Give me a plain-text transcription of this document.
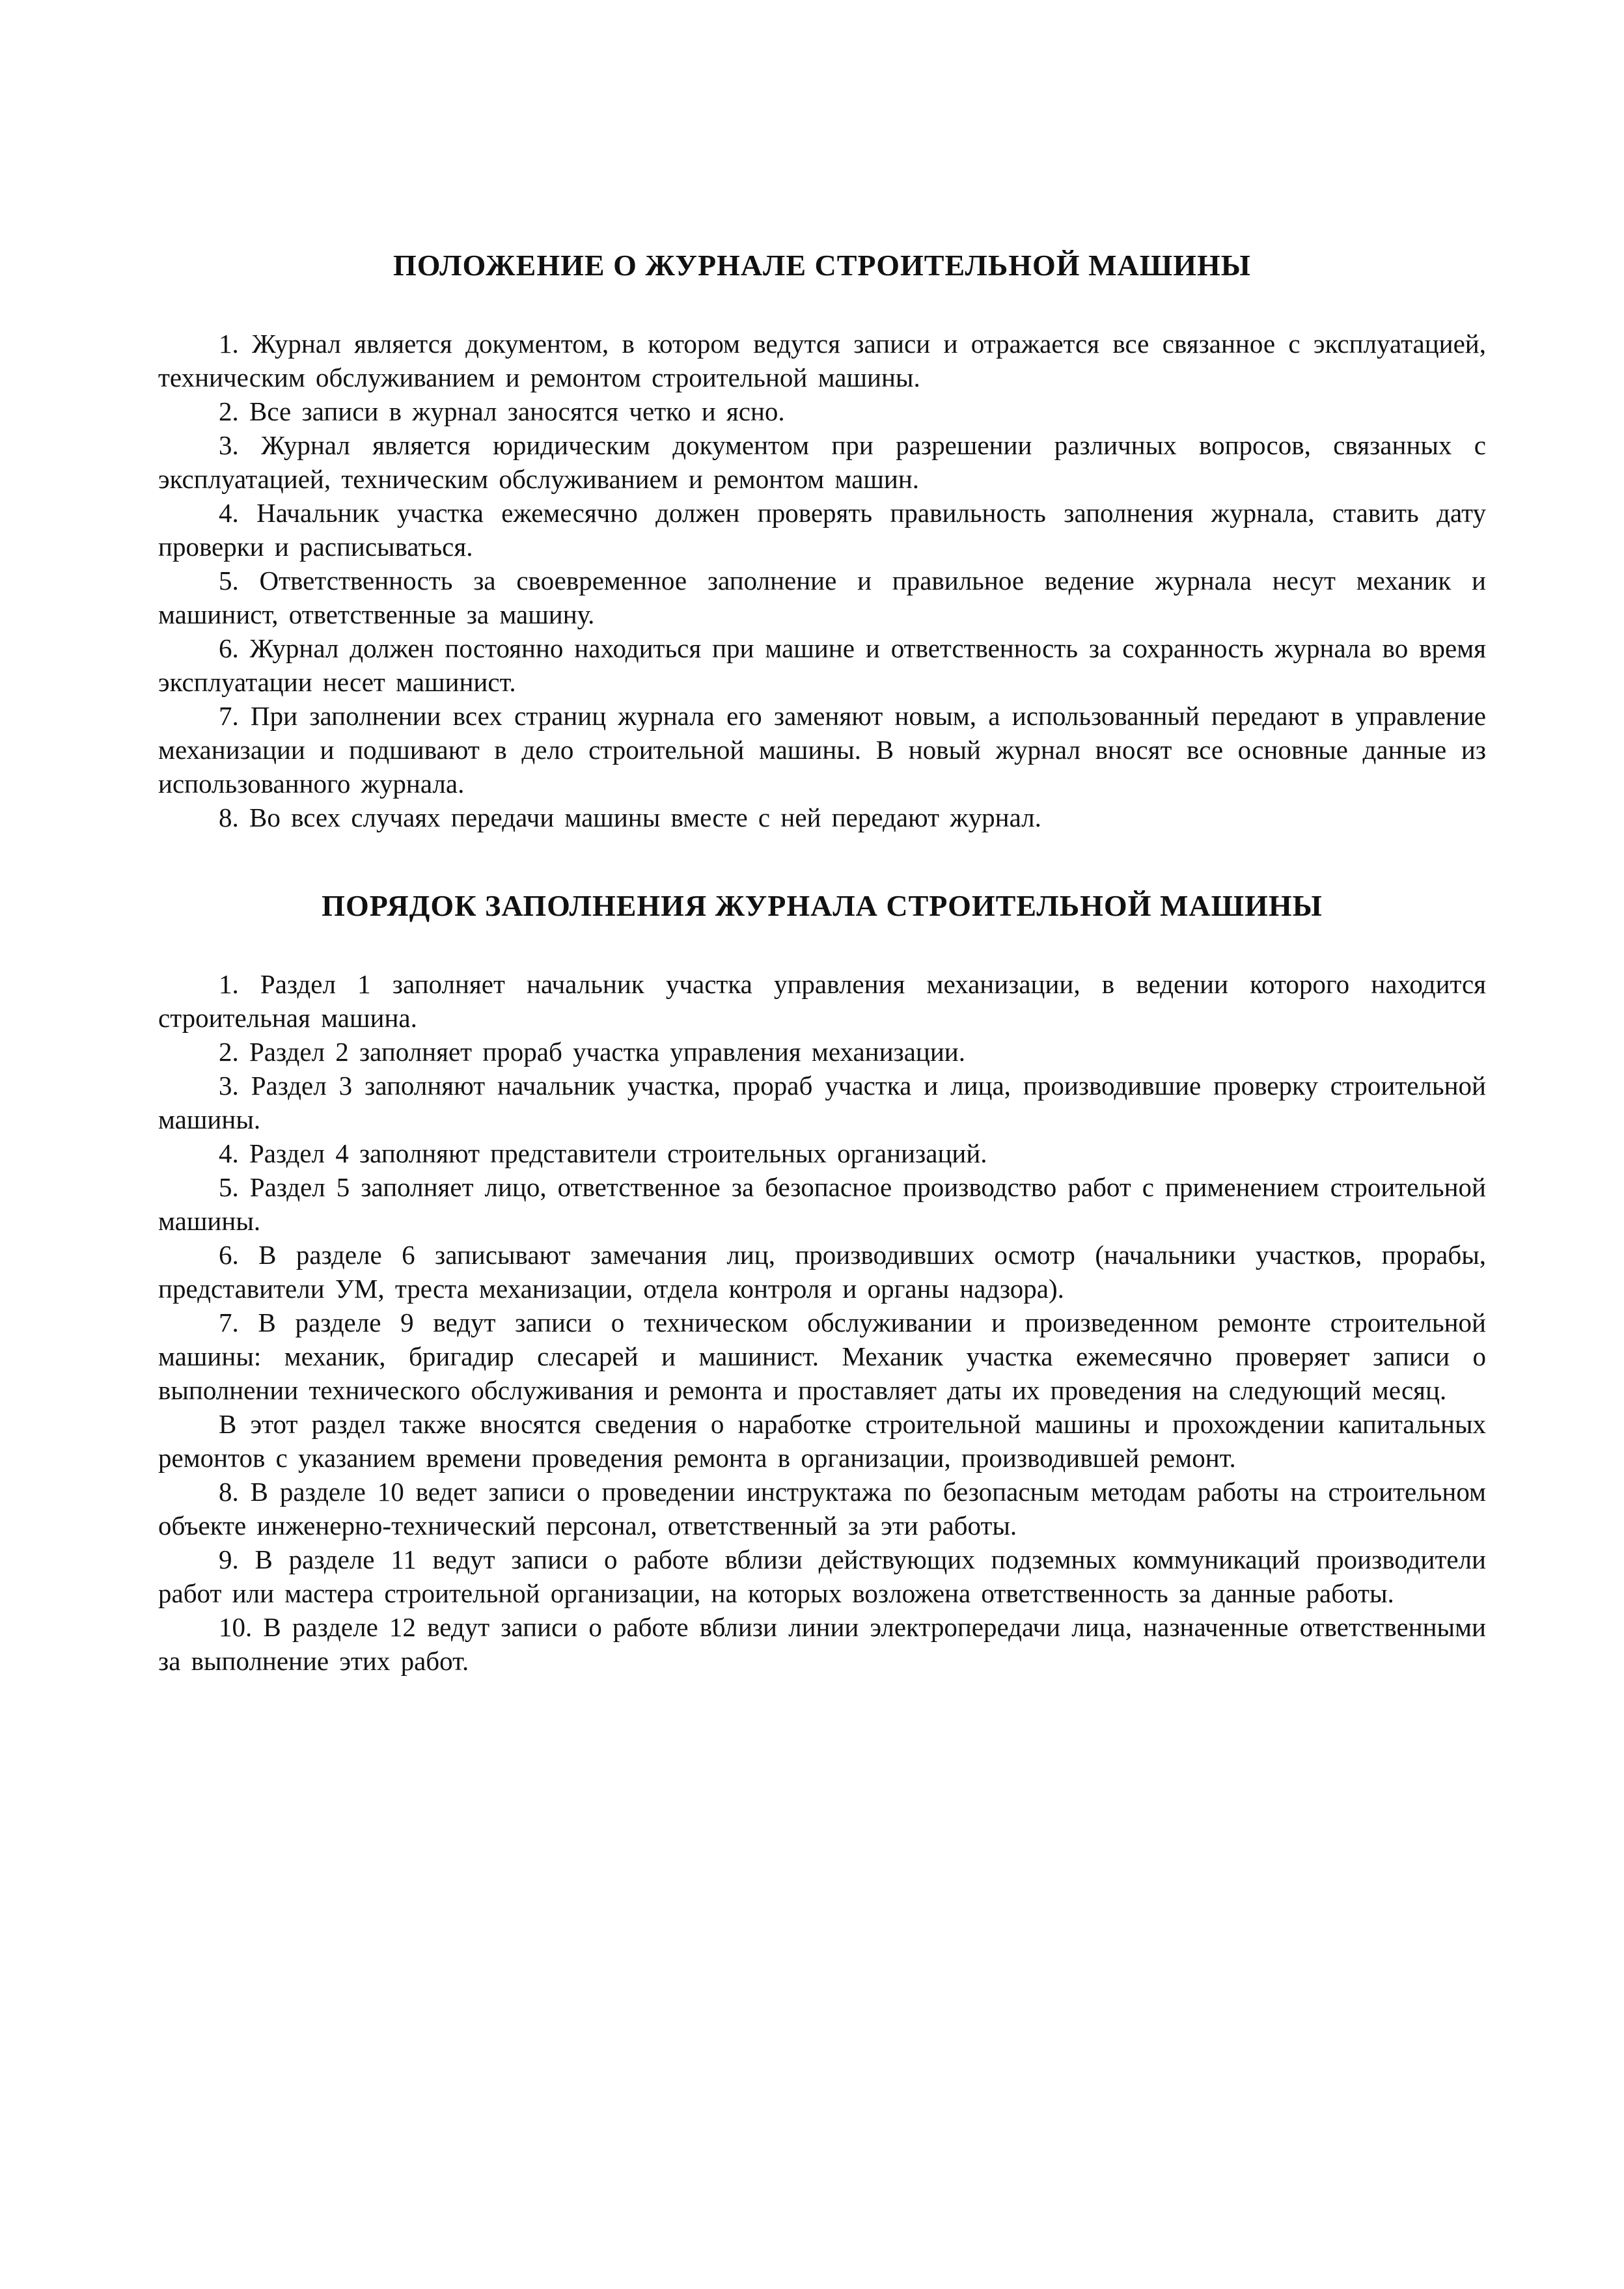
ПОЛОЖЕНИЕ О ЖУРНАЛЕ СТРОИТЕЛЬНОЙ МАШИНЫ

1. Журнал является документом, в котором ведутся записи и отражается все связанное с эксплуатацией, техническим обслуживанием и ремонтом строительной машины.

2. Все записи в журнал заносятся четко и ясно.

3. Журнал является юридическим документом при разрешении различных вопросов, связанных с эксплуатацией, техническим обслуживанием и ремонтом машин.

4. Начальник участка ежемесячно должен проверять правильность заполнения журнала, ставить дату проверки и расписываться.

5. Ответственность за своевременное заполнение и правильное ведение журнала несут механик и машинист, ответственные за машину.

6. Журнал должен постоянно находиться при машине и ответственность за сохранность журнала во время эксплуатации несет машинист.

7. При заполнении всех страниц журнала его заменяют новым, а использованный передают в управление механизации и подшивают в дело строительной машины. В новый журнал вносят все основные данные из использованного журнала.

8. Во всех случаях передачи машины вместе с ней передают журнал.

ПОРЯДОК ЗАПОЛНЕНИЯ ЖУРНАЛА СТРОИТЕЛЬНОЙ МАШИНЫ

1. Раздел 1 заполняет начальник участка управления механизации, в ведении которого находится строительная машина.

2. Раздел 2 заполняет прораб участка управления механизации.

3. Раздел 3 заполняют начальник участка, прораб участка и лица, производившие проверку строительной машины.

4. Раздел 4 заполняют представители строительных организаций.

5. Раздел 5 заполняет лицо, ответственное за безопасное производство работ с применением строительной машины.

6. В разделе 6 записывают замечания лиц, производивших осмотр (начальники участков, прорабы, представители УМ, треста механизации, отдела контроля и органы надзора).

7. В разделе 9 ведут записи о техническом обслуживании и произведенном ремонте строительной машины: механик, бригадир слесарей и машинист. Механик участка ежемесячно проверяет записи о выполнении технического обслуживания и ремонта и проставляет даты их проведения на следующий месяц.

В этот раздел также вносятся сведения о наработке строительной машины и прохождении капитальных ремонтов с указанием времени проведения ремонта в организации, производившей ремонт.

8. В разделе 10 ведет записи о проведении инструктажа по безопасным методам работы на строительном объекте инженерно-технический персонал, ответственный за эти работы.

9. В разделе 11 ведут записи о работе вблизи действующих подземных коммуникаций производители работ или мастера строительной организации, на которых возложена ответственность за данные работы.

10. В разделе 12 ведут записи о работе вблизи линии электропередачи лица, назначенные ответственными за выполнение этих работ.
